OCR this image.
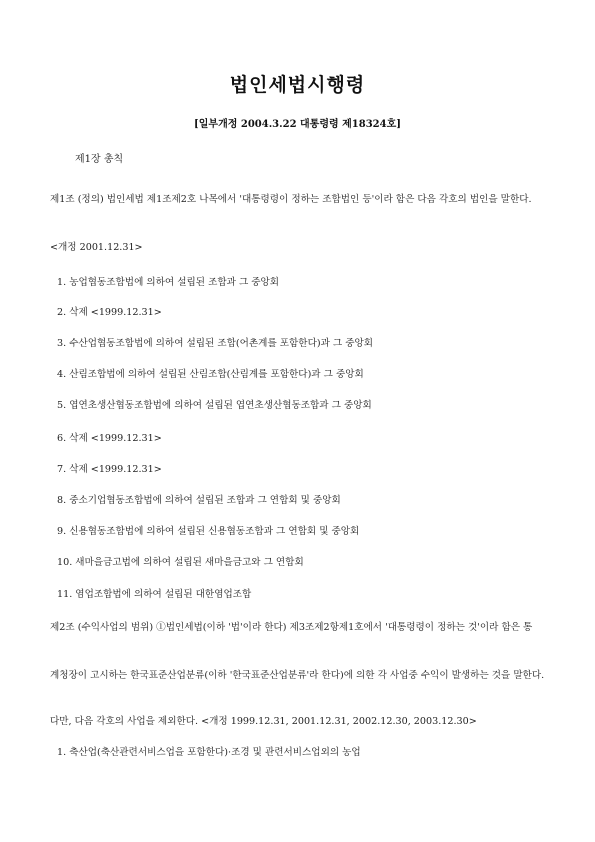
법인세법시행령
[일부개정 2004.3.22 대통령령 제18324호]
제1장 총칙
제1조 (정의) 법인세법 제1조제2호 나목에서 '대통령령이 정하는 조합법인 등'이라 함은 다음 각호의 법인을 말한다.
<개정 2001.12.31>
1. 농업협동조합법에 의하여 설립된 조합과 그 중앙회
2. 삭제 <1999.12.31>
3. 수산업협동조합법에 의하여 설립된 조합(어촌계를 포함한다)과 그 중앙회
4. 산림조합법에 의하여 설립된 산림조합(산림계를 포함한다)과 그 중앙회
5. 엽연초생산협동조합법에 의하여 설립된 엽연초생산협동조합과 그 중앙회
6. 삭제 <1999.12.31>
7. 삭제 <1999.12.31>
8. 중소기업협동조합법에 의하여 설립된 조합과 그 연합회 및 중앙회
9. 신용협동조합법에 의하여 설립된 신용협동조합과 그 연합회 및 중앙회
10. 새마을금고법에 의하여 설립된 새마을금고와 그 연합회
11. 염업조합법에 의하여 설립된 대한염업조합
제2조 (수익사업의 범위) ①법인세법(이하 '법'이라 한다) 제3조제2항제1호에서 '대통령령이 정하는 것'이라 함은 통
계청장이 고시하는 한국표준산업분류(이하 '한국표준산업분류'라 한다)에 의한 각 사업중 수익이 발생하는 것을 말한다.
다만, 다음 각호의 사업을 제외한다. <개정 1999.12.31, 2001.12.31, 2002.12.30, 2003.12.30>
1. 축산업(축산관련서비스업을 포함한다)·조경 및 관련서비스업외의 농업
